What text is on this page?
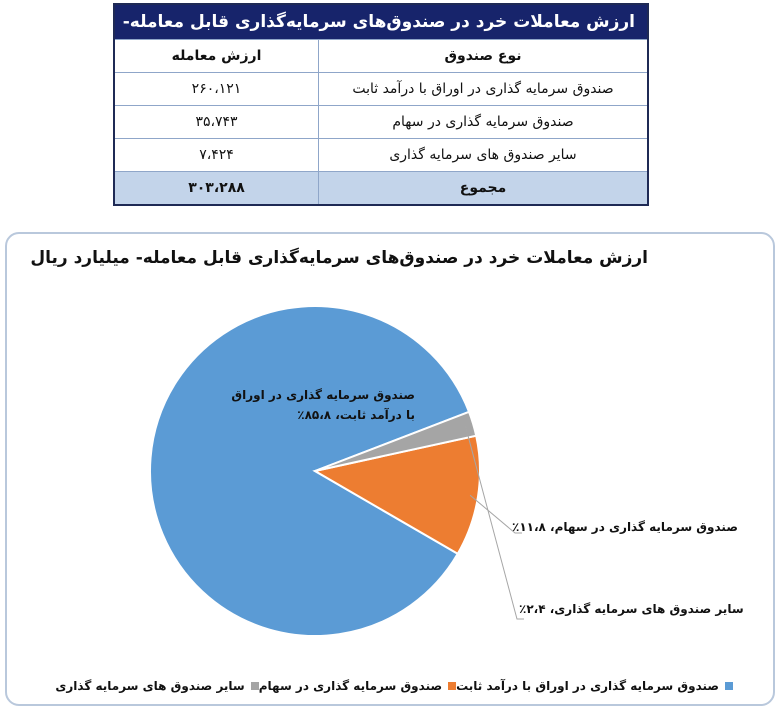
ارزش معاملات خرد در صندوق‌های سرمایه‌گذاری قابل معامله- میلیارد ریال
نوع صندوق
ارزش معامله
صندوق سرمایه گذاری در اوراق با درآمد ثابت
۲۶۰،۱۲۱
صندوق سرمایه گذاری در سهام
۳۵،۷۴۳
سایر صندوق های سرمایه گذاری
۷،۴۲۴
مجموع
۳۰۳،۲۸۸
ارزش معاملات خرد در صندوق‌های سرمایه‌گذاری قابل معامله- میلیارد ریال
صندوق سرمایه گذاری در اوراق با درآمد ثابت، ۸۵،۸٪
صندوق سرمایه گذاری در سهام، ۱۱،۸٪
سایر صندوق های سرمایه گذاری، ۲،۴٪
صندوق سرمایه گذاری در اوراق با درآمد ثابت
صندوق سرمایه گذاری در سهام
سایر صندوق های سرمایه گذاری
